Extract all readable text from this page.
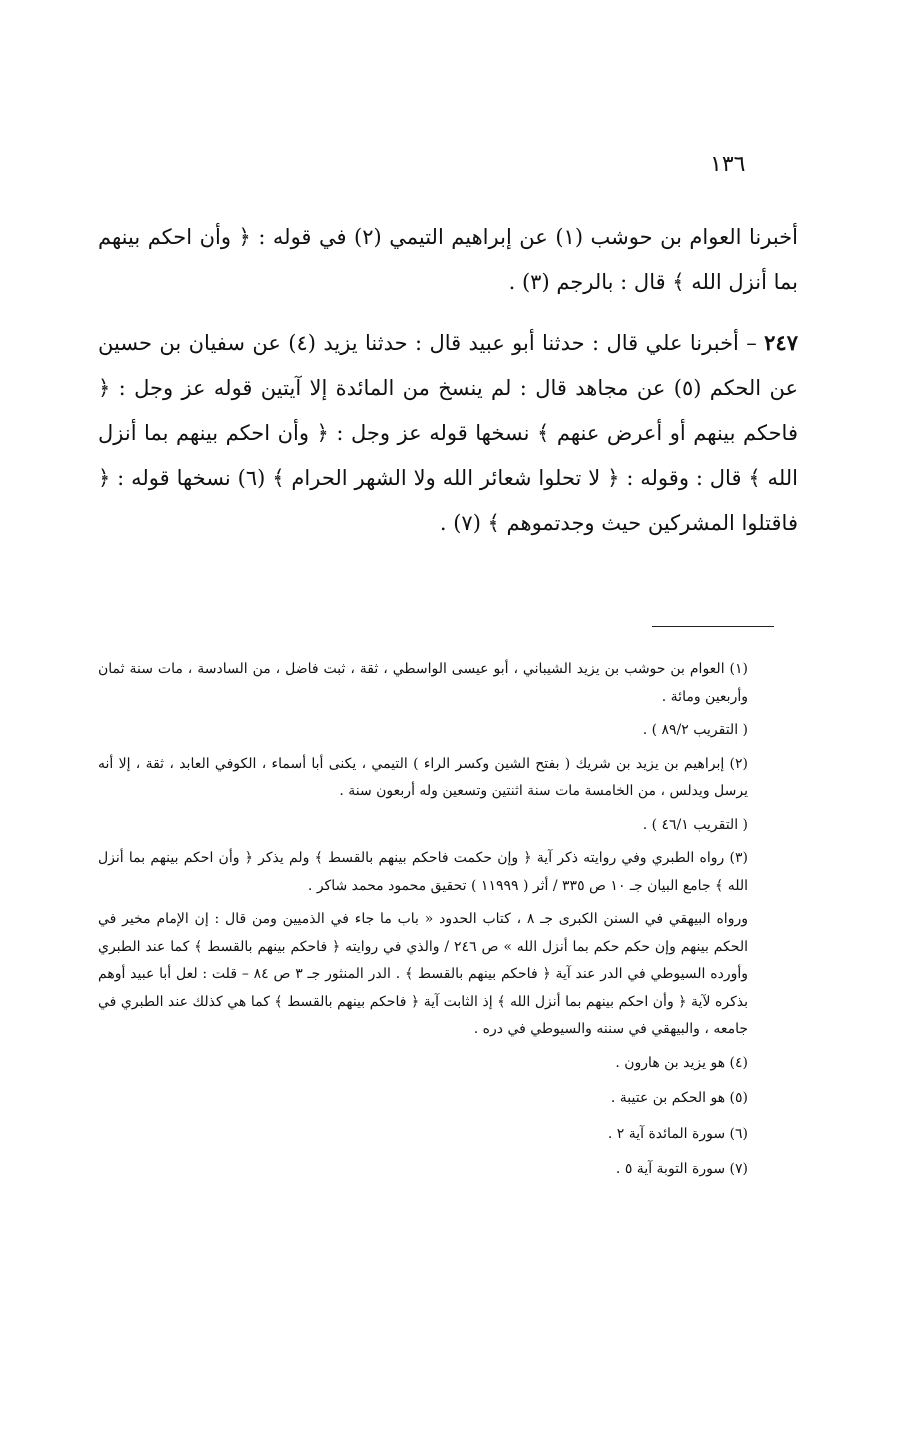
١٣٦

أخبرنا العوام بن حوشب (١) عن إبراهيم التيمي (٢) في قوله : ﴿ وأن احكم بينهم بما أنزل الله ﴾ قال : بالرجم (٣) .

٢٤٧ – أخبرنا علي قال : حدثنا أبو عبيد قال : حدثنا يزيد (٤) عن سفيان بن حسين عن الحكم (٥) عن مجاهد قال : لم ينسخ من المائدة إلا آيتين قوله عز وجل : ﴿ فاحكم بينهم أو أعرض عنهم ﴾ نسخها قوله عز وجل : ﴿ وأن احكم بينهم بما أنزل الله ﴾ قال : وقوله : ﴿ لا تحلوا شعائر الله ولا الشهر الحرام ﴾ (٦) نسخها قوله : ﴿ فاقتلوا المشركين حيث وجدتموهم ﴾ (٧) .

(١) العوام بن حوشب بن يزيد الشيباني ، أبو عيسى الواسطي ، ثقة ، ثبت فاضل ، من السادسة ، مات سنة ثمان وأربعين ومائة .

( التقريب ٨٩/٢ ) .

(٢) إبراهيم بن يزيد بن شريك ( بفتح الشين وكسر الراء ) التيمي ، يكنى أبا أسماء ، الكوفي العابد ، ثقة ، إلا أنه يرسل ويدلس ، من الخامسة مات سنة اثنتين وتسعين وله أربعون سنة .

( التقريب ٤٦/١ ) .

(٣) رواه الطبري وفي روايته ذكر آية ﴿ وإن حكمت فاحكم بينهم بالقسط ﴾ ولم يذكر ﴿ وأن احكم بينهم بما أنزل الله ﴾ جامع البيان جـ ١٠ ص ٣٣٥ / أثر ( ١١٩٩٩ ) تحقيق محمود محمد شاكر .

ورواه البيهقي في السنن الكبرى جـ ٨ ، كتاب الحدود « باب ما جاء في الذميين ومن قال : إن الإمام مخير في الحكم بينهم وإن حكم حكم بما أنزل الله » ص ٢٤٦ / والذي في روايته ﴿ فاحكم بينهم بالقسط ﴾ كما عند الطبري وأورده السيوطي في الدر عند آية ﴿ فاحكم بينهم بالقسط ﴾ . الدر المنثور جـ ٣ ص ٨٤ – قلت : لعل أبا عبيد أوهم بذكره لآية ﴿ وأن احكم بينهم بما أنزل الله ﴾ إذ الثابت آية ﴿ فاحكم بينهم بالقسط ﴾ كما هي كذلك عند الطبري في جامعه ، والبيهقي في سننه والسيوطي في دره .

(٤) هو يزيد بن هارون .

(٥) هو الحكم بن عتيبة .

(٦) سورة المائدة آية ٢ .

(٧) سورة التوبة آية ٥ .
